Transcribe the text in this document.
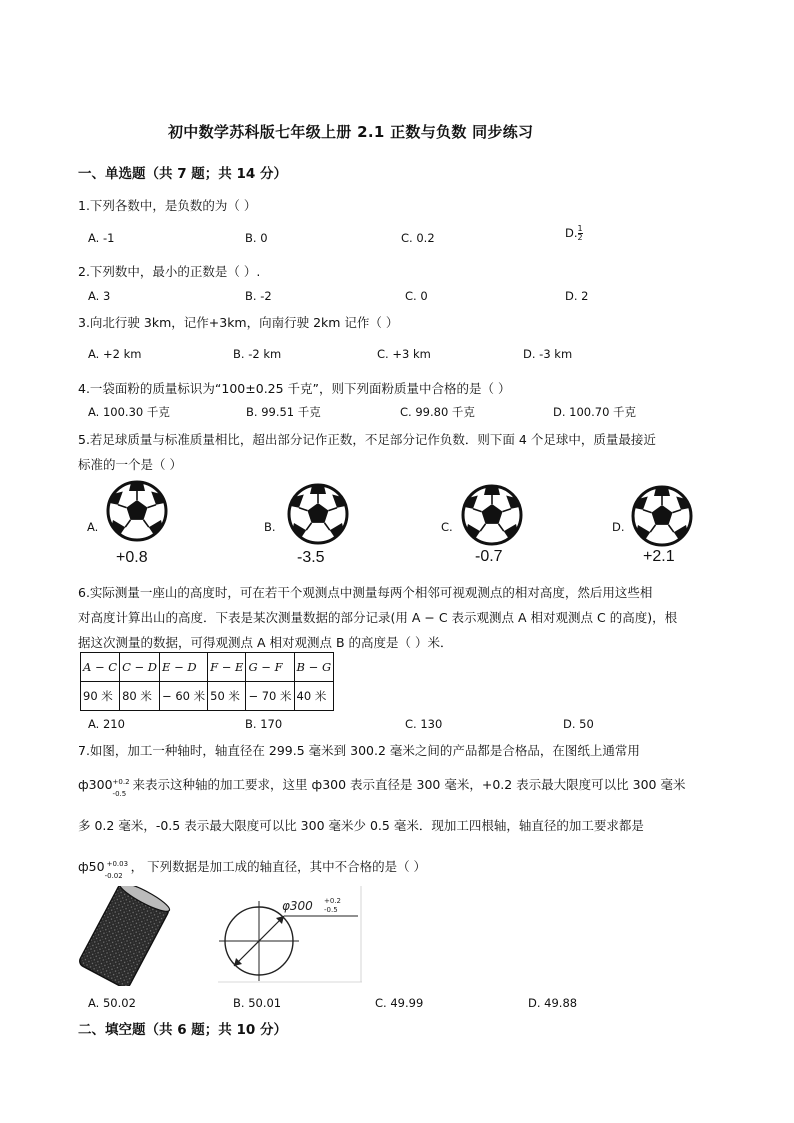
初中数学苏科版七年级上册 2.1 正数与负数 同步练习
一、单选题（共 7 题；共 14 分）
1.下列各数中，是负数的为（ ）
A. -1	B. 0	C. 0.2	D. $\frac{1}{2}$
2.下列数中，最小的正数是（ ）.
A. 3	B. -2	C. 0	D. 2
3.向北行驶 3km，记作+3km，向南行驶 2km 记作（ ）
A. +2 km	B. -2 km	C. +3 km	D. -3 km
4.一袋面粉的质量标识为“100±0.25 千克”，则下列面粉质量中合格的是（ ）
A. 100.30 千克	B. 99.51 千克	C. 99.80 千克	D. 100.70 千克
5.若足球质量与标准质量相比，超出部分记作正数，不足部分记作负数．则下面 4 个足球中，质量最接近
标准的一个是（ ）
A.
+0.8
B.
-3.5
C.
-0.7
D.
+2.1
6.实际测量一座山的高度时，可在若干个观测点中测量每两个相邻可视观测点的相对高度，然后用这些相
对高度计算出山的高度．下表是某次测量数据的部分记录(用 A − C 表示观测点 A 相对观测点 C 的高度)，根
据这次测量的数据，可得观测点 A 相对观测点 B 的高度是（ ）米．
A − C	C − D	E − D	F − E	G − F	B − G
90 米	80 米	− 60 米	50 米	− 70 米	40 米
A. 210	B. 170	C. 130	D. 50
7.如图，加工一种轴时，轴直径在 299.5 毫米到 300.2 毫米之间的产品都是合格品，在图纸上通常用
ф300 +0.2
-0.5
来表示这种轴的加工要求，这里 ф300 表示直径是 300 毫米，+0.2 表示最大限度可以比 300 毫米
多 0.2 毫米，-0.5 表示最大限度可以比 300 毫米少 0.5 毫米．现加工四根轴，轴直径的加工要求都是
ф50 +0.03
-0.02
， 下列数据是加工成的轴直径，其中不合格的是（ ）
φ300 +0.2
-0.5
A. 50.02	B. 50.01	C. 49.99	D. 49.88
二、填空题（共 6 题；共 10 分）
